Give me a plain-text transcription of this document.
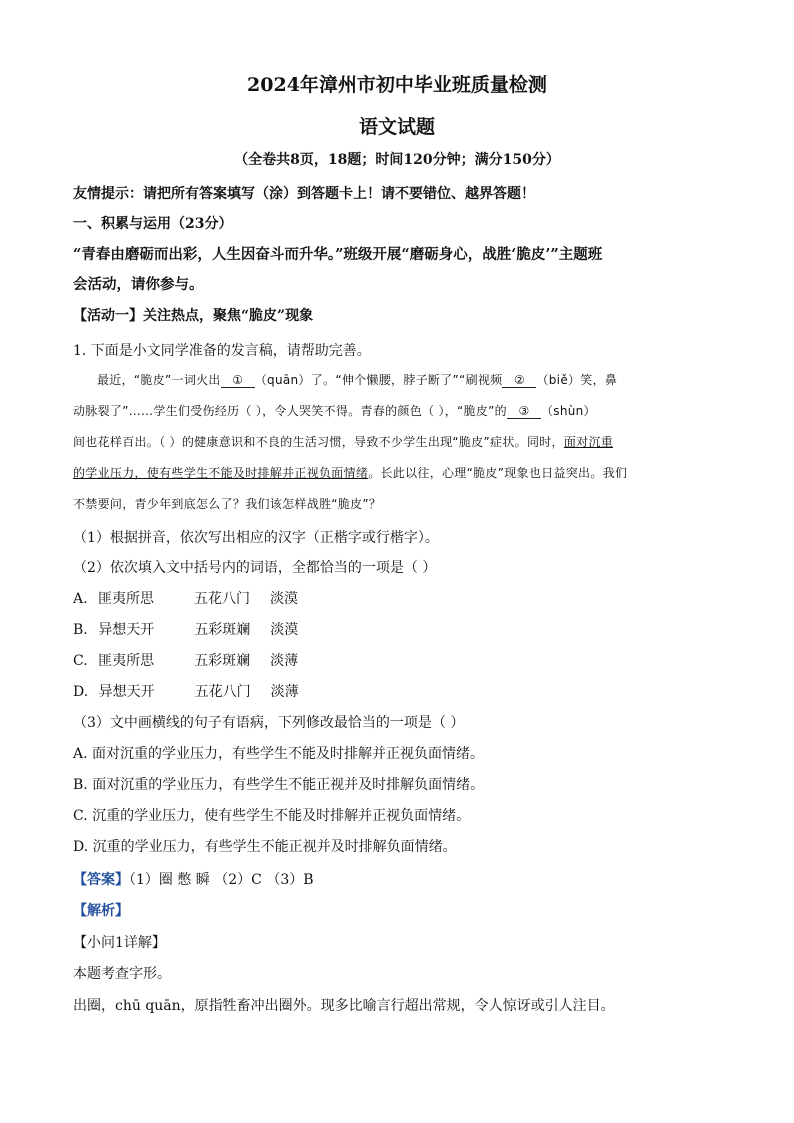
2024年漳州市初中毕业班质量检测
语文试题
（全卷共8页，18题；时间120分钟；满分150分）
友情提示：请把所有答案填写（涂）到答题卡上！请不要错位、越界答题！
一、积累与运用（23分）
“青春由磨砺而出彩，人生因奋斗而升华。”班级开展“磨砺身心，战胜‘脆皮’”主题班
会活动，请你参与。
【活动一】关注热点，聚焦“脆皮”现象
1. 下面是小文同学准备的发言稿，请帮助完善。
最近，“脆皮”一词火出 ① （quān）了。“伸个懒腰，脖子断了”“刷视频 ② （biě）笑，鼻
动脉裂了”……学生们受伤经历（ ），令人哭笑不得。青春的颜色（ ），“脆皮”的 ③ （shùn）
间也花样百出。（ ）的健康意识和不良的生活习惯，导致不少学生出现“脆皮”症状。同时，面对沉重
的学业压力，使有些学生不能及时排解并正视负面情绪。长此以往，心理“脆皮”现象也日益突出。我们
不禁要问，青少年到底怎么了？我们该怎样战胜“脆皮”？
（1）根据拼音，依次写出相应的汉字（正楷字或行楷字）。
（2）依次填入文中括号内的词语，全都恰当的一项是（ ）
A. 匪夷所思	五花八门 淡漠
B. 异想天开	五彩斑斓 淡漠
C. 匪夷所思	五彩斑斓 淡薄
D. 异想天开	五花八门 淡薄
（3）文中画横线的句子有语病，下列修改最恰当的一项是（ ）
A. 面对沉重的学业压力，有些学生不能及时排解并正视负面情绪。
B. 面对沉重的学业压力，有些学生不能正视并及时排解负面情绪。
C. 沉重的学业压力，使有些学生不能及时排解并正视负面情绪。
D. 沉重的学业压力，有些学生不能正视并及时排解负面情绪。
【答案】（1）圈 憋 瞬 （2）C （3）B
【解析】
【小问1详解】
本题考查字形。
出圈，chū quān，原指牲畜冲出圈外。现多比喻言行超出常规，令人惊讶或引人注目。
